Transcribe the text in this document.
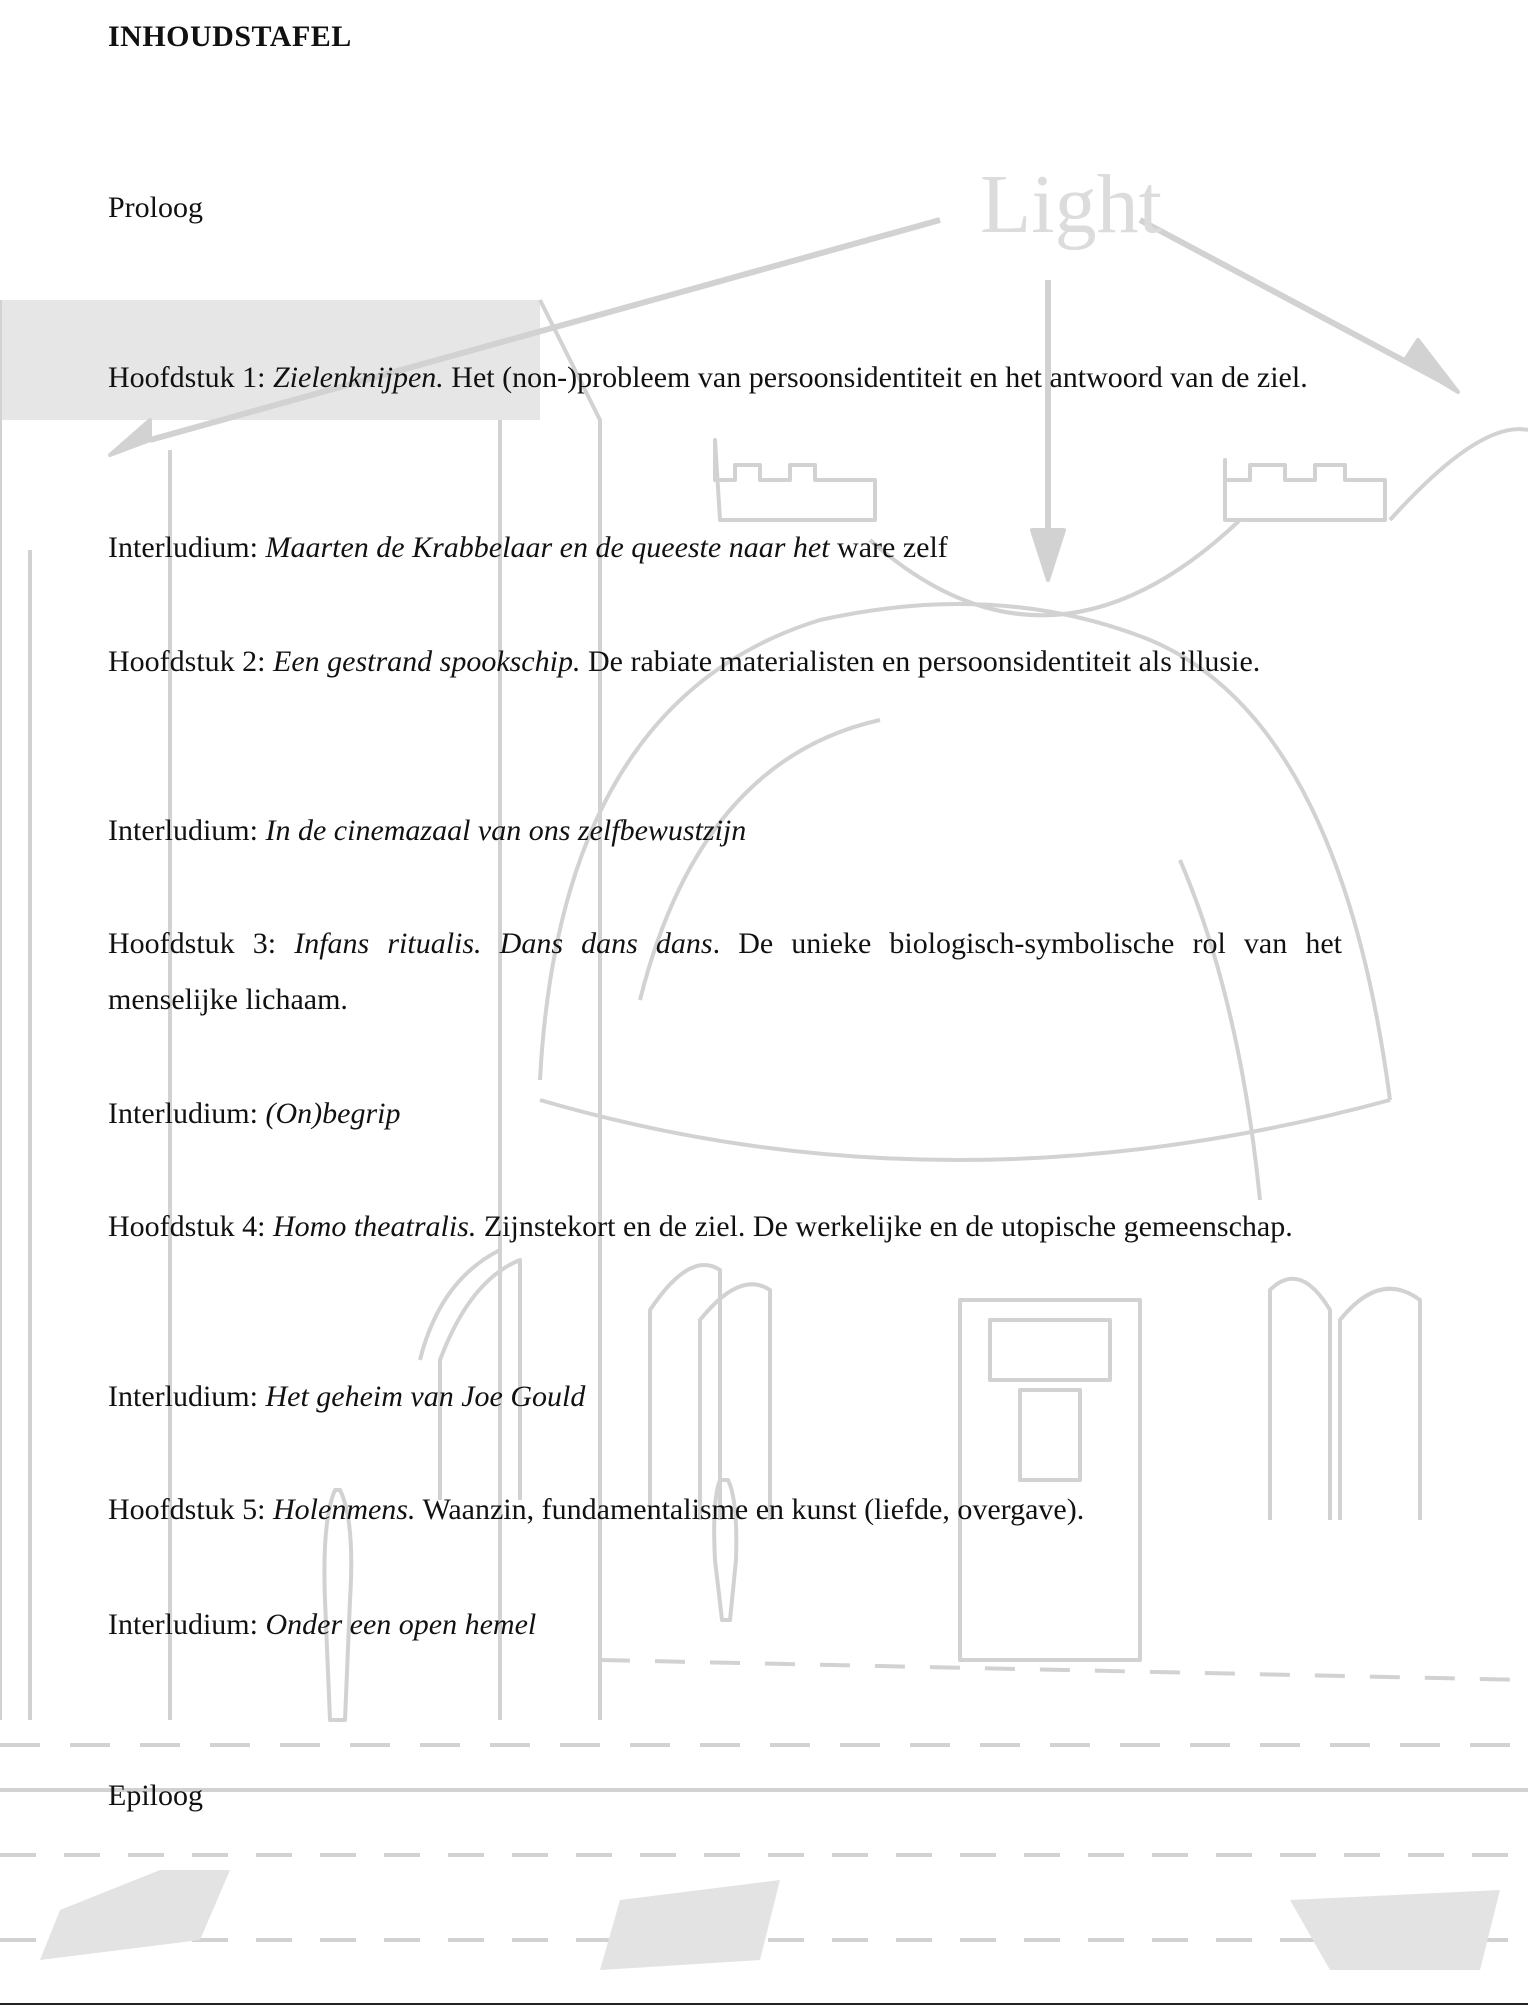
Light
INHOUDSTAFEL
Proloog
Hoofdstuk 1: Zielenknijpen. Het (non-)probleem van persoonsidentiteit en het antwoord van de ziel.
Interludium: Maarten de Krabbelaar en de queeste naar het ware zelf
Hoofdstuk 2: Een gestrand spookschip. De rabiate materialisten en persoonsidentiteit als illusie.
Interludium: In de cinemazaal van ons zelfbewustzijn
Hoofdstuk 3: Infans ritualis. Dans dans dans. De unieke biologisch-symbolische rol van het menselijke lichaam.
Interludium: (On)begrip
Hoofdstuk 4: Homo theatralis. Zijnstekort en de ziel. De werkelijke en de utopische gemeenschap.
Interludium: Het geheim van Joe Gould
Hoofdstuk 5: Holenmens. Waanzin, fundamentalisme en kunst (liefde, overgave).
Interludium: Onder een open hemel
Epiloog
